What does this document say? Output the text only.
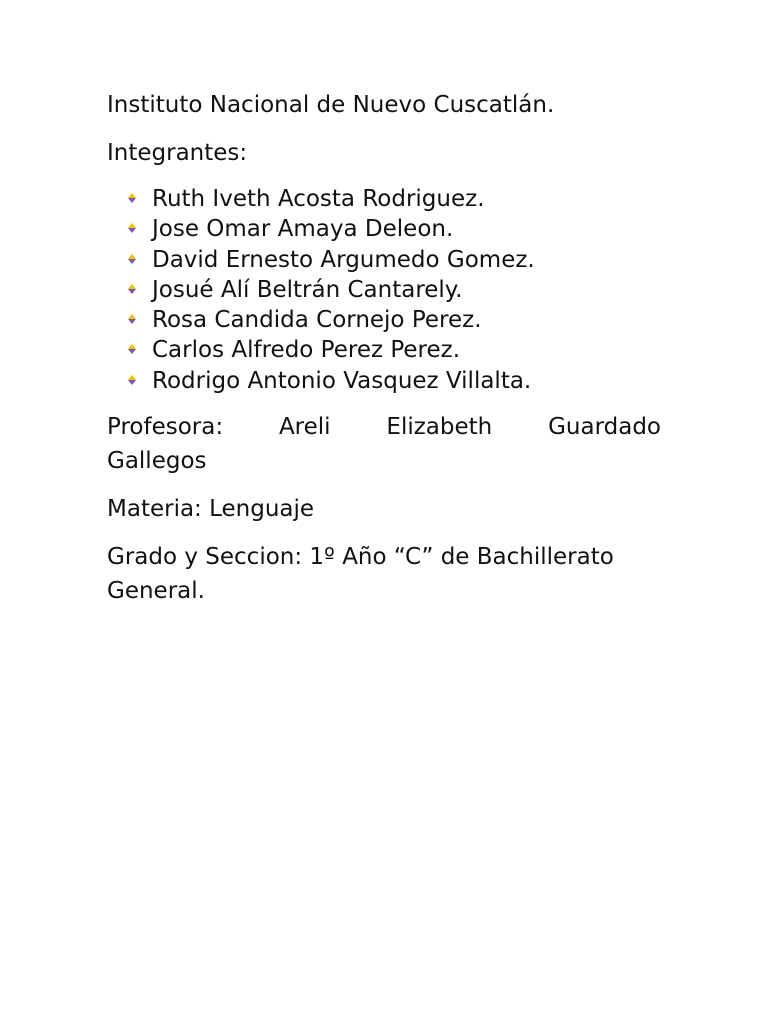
Instituto Nacional de Nuevo Cuscatlán.

Integrantes:

Ruth Iveth Acosta Rodriguez.
Jose Omar Amaya Deleon.
David Ernesto Argumedo Gomez.
Josué Alí Beltrán Cantarely.
Rosa Candida Cornejo Perez.
Carlos Alfredo Perez Perez.
Rodrigo Antonio Vasquez Villalta.
Profesora: Areli Elizabeth Guardado
Gallegos

Materia: Lenguaje

Grado y Seccion: 1º Año “C” de Bachillerato
General.
